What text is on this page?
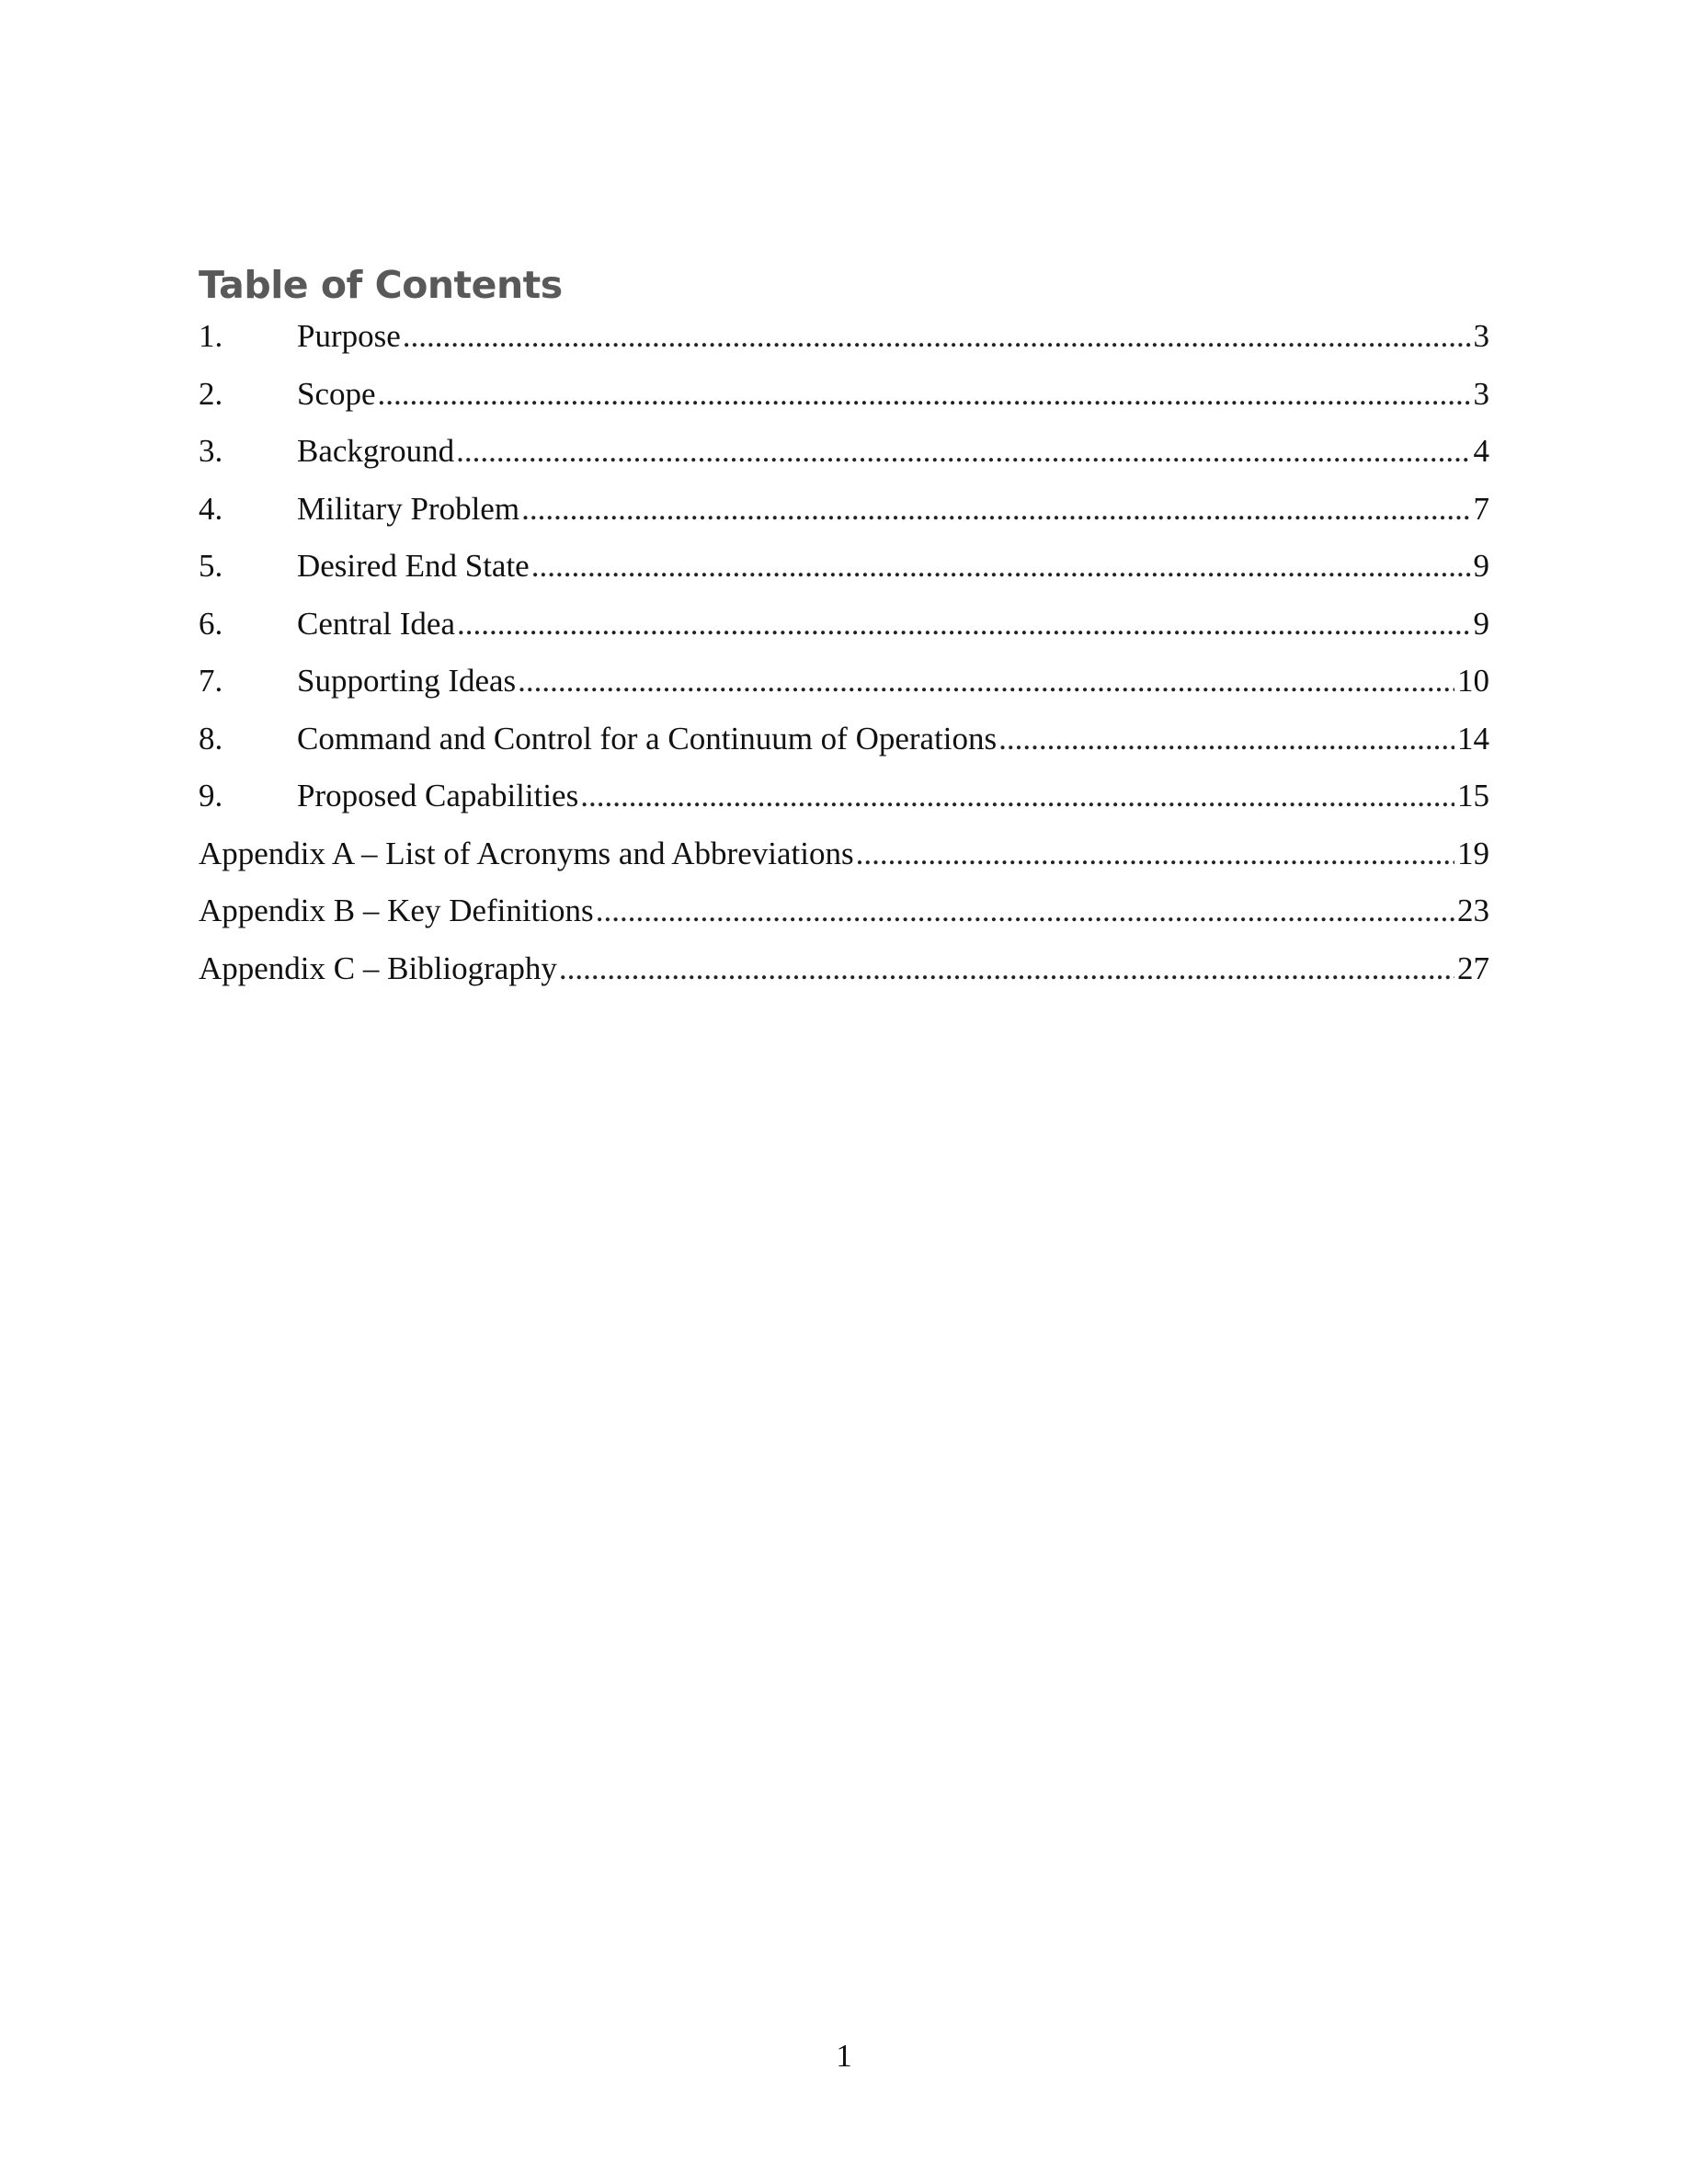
Table of Contents
1.	Purpose .....	3
2.	Scope .....	3
3.	Background .....	4
4.	Military Problem .....	7
5.	Desired End State .....	9
6.	Central Idea .....	9
7.	Supporting Ideas .....	10
8.	Command and Control for a Continuum of Operations .....	14
9.	Proposed Capabilities .....	15
Appendix A – List of Acronyms and Abbreviations .....	19
Appendix B – Key Definitions .....	23
Appendix C – Bibliography .....	27
1
